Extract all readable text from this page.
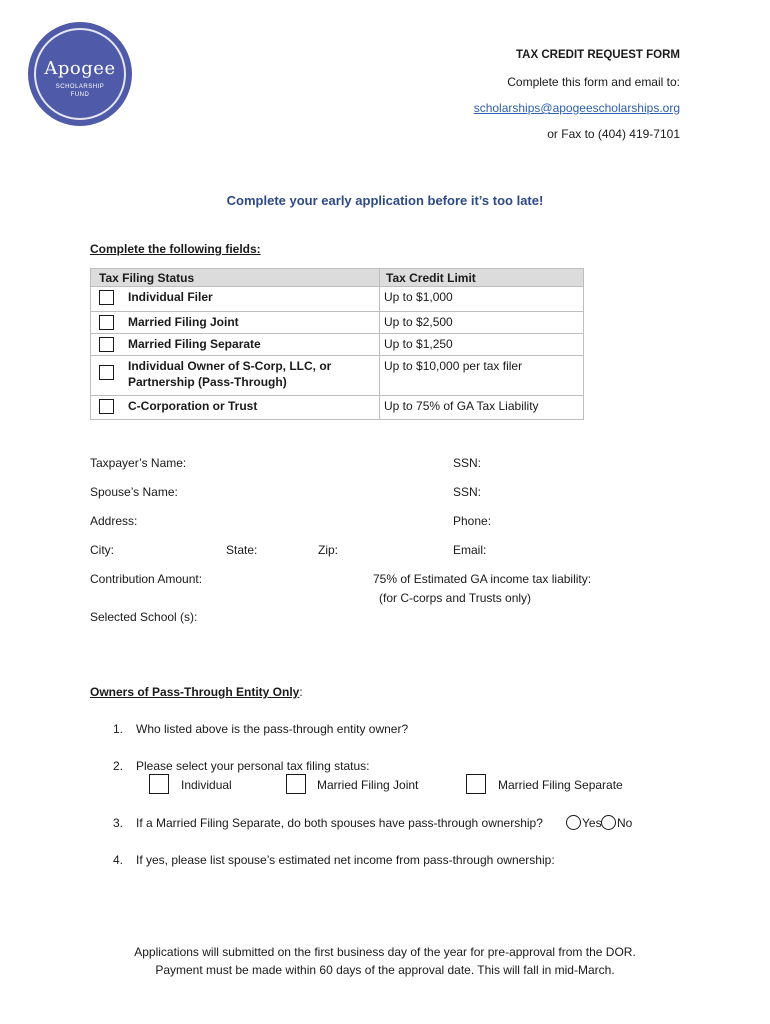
Apogee
SCHOLARSHIP
FUND
TAX CREDIT REQUEST FORM
Complete this form and email to:
scholarships@apogeescholarships.org
or Fax to (404) 419-7101
Complete your early application before it’s too late!
Complete the following fields:
Tax Filing Status	Tax Credit Limit

Individual Filer	Up to $1,000

Married Filing Joint	Up to $2,500

Married Filing Separate	Up to $1,250

Individual Owner of S-Corp, LLC, or Partnership (Pass-Through)	Up to $10,000 per tax filer

C-Corporation or Trust	Up to 75% of GA Tax Liability
Taxpayer’s Name:	SSN:
Spouse’s Name:	SSN:
Address:	Phone:
City:	State:	Zip:	Email:
Contribution Amount:	75% of Estimated GA income tax liability:
(for C-corps and Trusts only)
Selected School (s):
Owners of Pass-Through Entity Only:
1. Who listed above is the pass-through entity owner?
2. Please select your personal tax filing status:
Individual	Married Filing Joint	Married Filing Separate
3. If a Married Filing Separate, do both spouses have pass-through ownership?	Yes No
4. If yes, please list spouse’s estimated net income from pass-through ownership:
Applications will submitted on the first business day of the year for pre-approval from the DOR.
Payment must be made within 60 days of the approval date. This will fall in mid-March.
